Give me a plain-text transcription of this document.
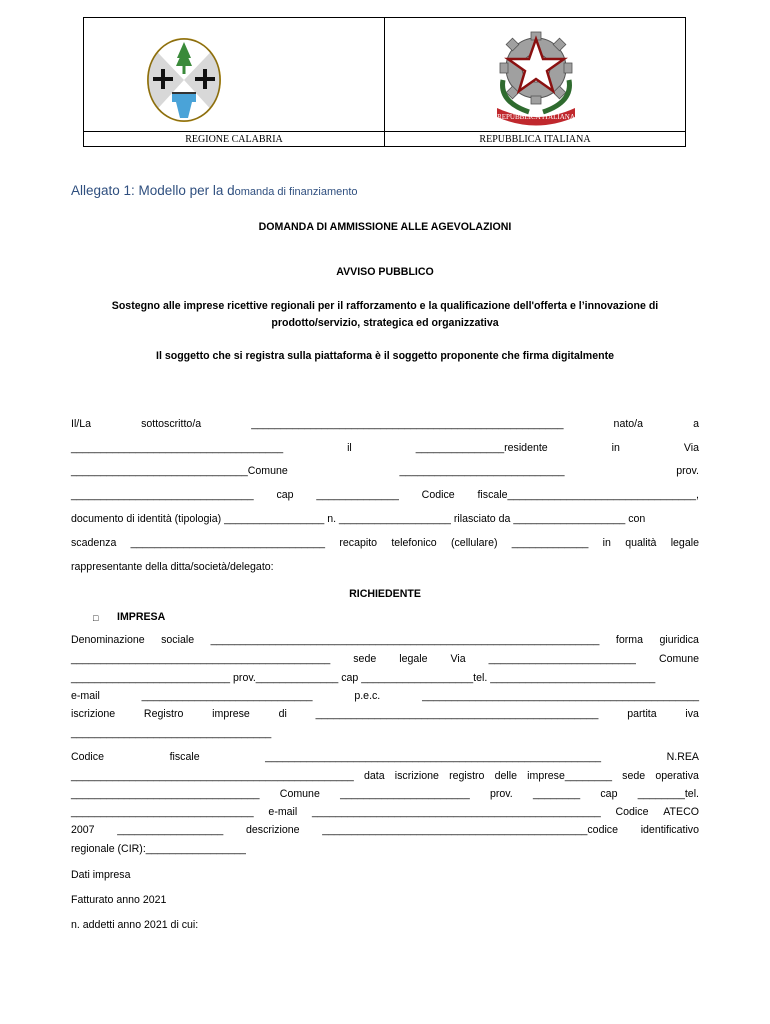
REPUBBLICA ITALIANA
REGIONE CALABRIA	REPUBBLICA ITALIANA
Allegato 1: Modello per la domanda di finanziamento
DOMANDA DI AMMISSIONE ALLE AGEVOLAZIONI
AVVISO PUBBLICO
Sostegno alle imprese ricettive regionali per il rafforzamento e la qualificazione dell'offerta e l’innovazione di
prodotto/servizio, strategica ed organizzativa
Il soggetto che si registra sulla piattaforma è il soggetto proponente che firma digitalmente
Il/La	sottoscritto/a	_____________________________________________________	nato/a	a
____________________________________	il	_______________residente	in	Via
______________________________Comune	____________________________	prov.
_______________________________ cap ______________ Codice fiscale________________________________,
documento di identità (tipologia) _________________ n. ___________________ rilasciato da ___________________ con
scadenza _________________________________ recapito telefonico (cellulare) _____________ in qualità legale
rappresentante della ditta/società/delegato:
RICHIEDENTE
□ IMPRESA
Denominazione sociale __________________________________________________________________ forma giuridica
____________________________________________ sede legale Via _________________________ Comune
___________________________ prov.______________ cap ___________________tel. ____________________________
e-mail	_____________________________	p.e.c.	_______________________________________________
iscrizione	Registro	imprese	di	________________________________________________	partita	iva
__________________________________
Codice	fiscale	_________________________________________________________	N.REA
________________________________________________ data iscrizione registro delle imprese________ sede operativa
________________________________ Comune ______________________ prov. ________ cap ________tel.
_______________________________ e-mail _________________________________________________ Codice ATECO
2007 __________________ descrizione _____________________________________________codice identificativo
regionale (CIR):_________________
Dati impresa
Fatturato anno 2021
n. addetti anno 2021 di cui:
